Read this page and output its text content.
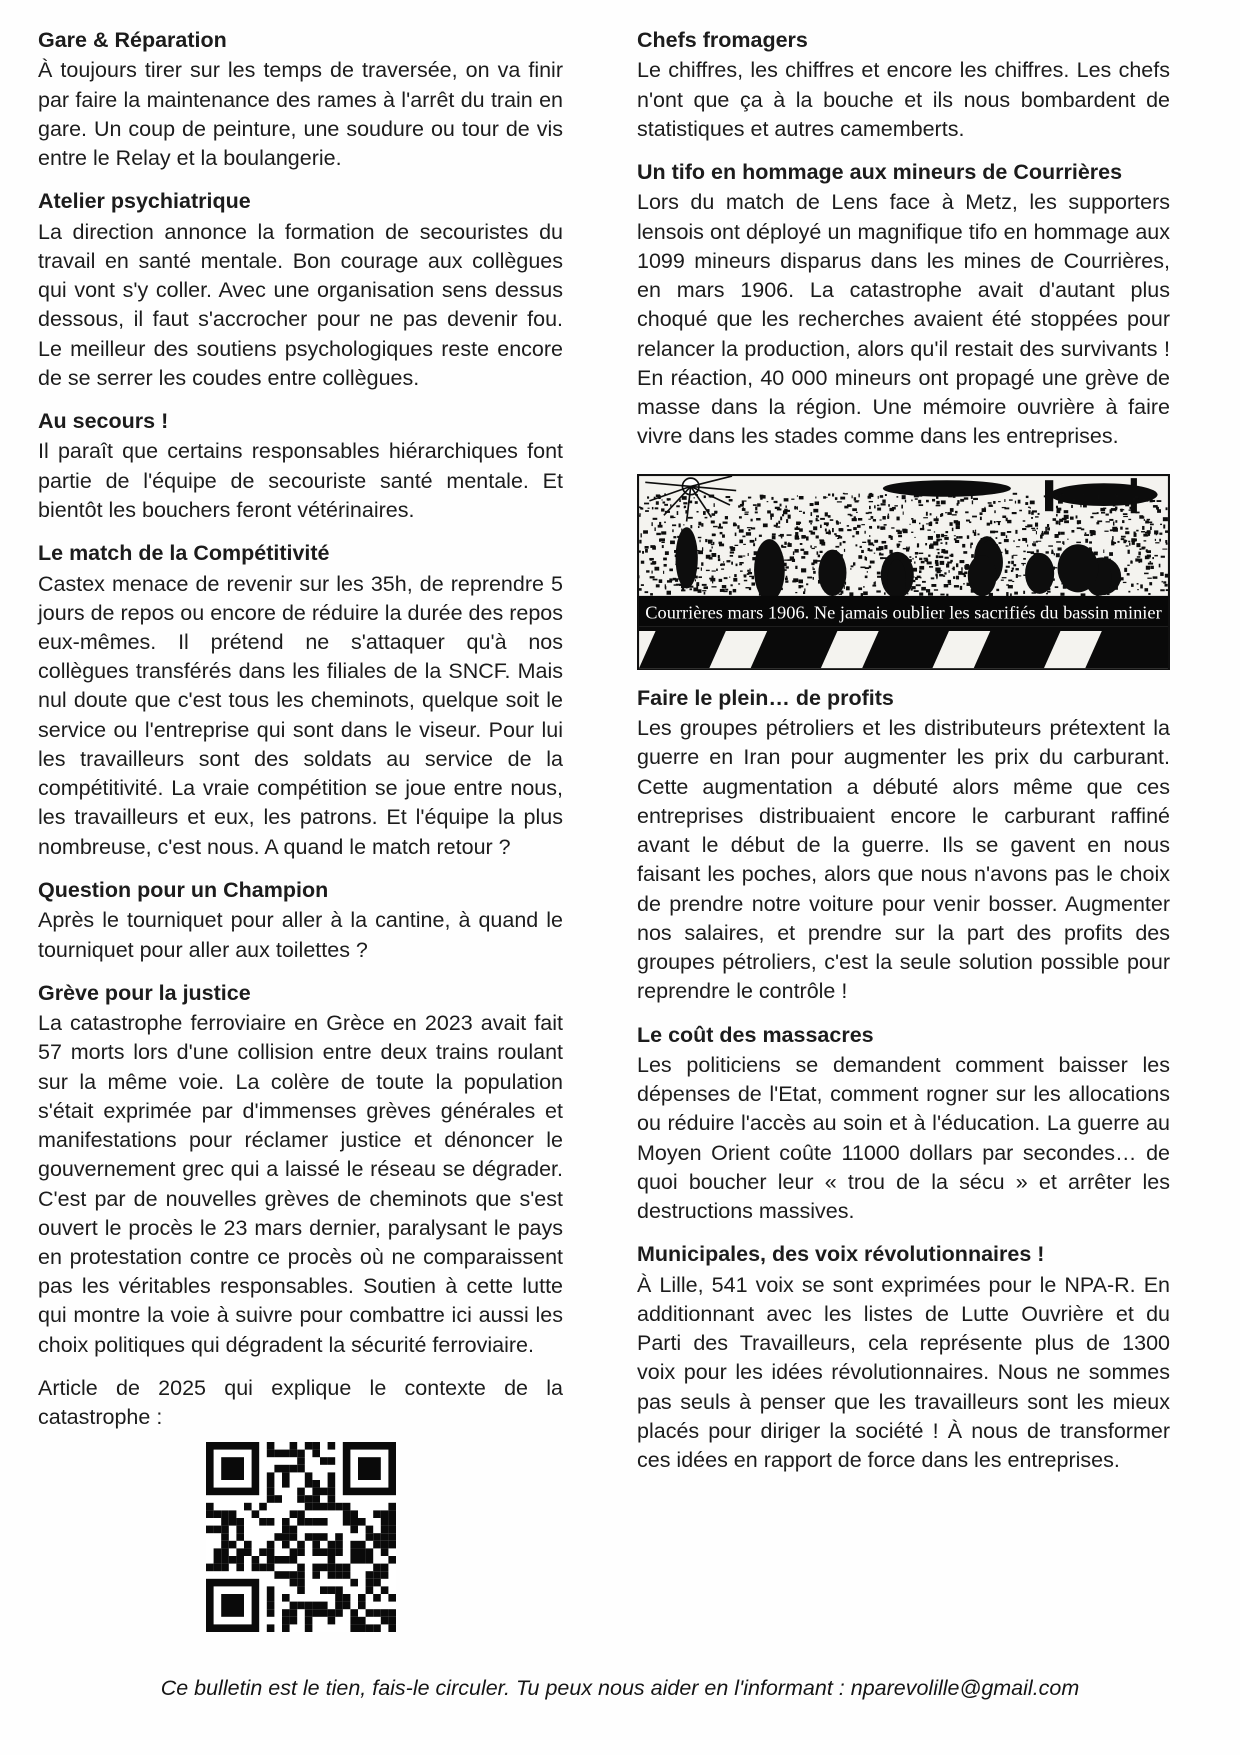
Gare & Réparation

À toujours tirer sur les temps de traversée, on va finir par faire la maintenance des rames à l'arrêt du train en gare. Un coup de peinture, une soudure ou tour de vis entre le Relay et la boulangerie.

Atelier psychiatrique

La direction annonce la formation de secouristes du travail en santé mentale. Bon courage aux collègues qui vont s'y coller. Avec une organisation sens dessus dessous, il faut s'accrocher pour ne pas devenir fou. Le meilleur des soutiens psychologiques reste encore de se serrer les coudes entre collègues.

Au secours !

Il paraît que certains responsables hiérarchiques font partie de l'équipe de secouriste santé mentale. Et bientôt les bouchers feront vétérinaires.

Le match de la Compétitivité

Castex menace de revenir sur les 35h, de reprendre 5 jours de repos ou encore de réduire la durée des repos eux-mêmes. Il prétend ne s'attaquer qu'à nos collègues transférés dans les filiales de la SNCF. Mais nul doute que c'est tous les cheminots, quelque soit le service ou l'entreprise qui sont dans le viseur. Pour lui les travailleurs sont des soldats au service de la compétitivité. La vraie compétition se joue entre nous, les travailleurs et eux, les patrons. Et l'équipe la plus nombreuse, c'est nous. A quand le match retour ?

Question pour un Champion

Après le tourniquet pour aller à la cantine, à quand le tourniquet pour aller aux toilettes ?

Grève pour la justice

La catastrophe ferroviaire en Grèce en 2023 avait fait 57 morts lors d'une collision entre deux trains roulant sur la même voie. La colère de toute la population s'était exprimée par d'immenses grèves générales et manifestations pour réclamer justice et dénoncer le gouvernement grec qui a laissé le réseau se dégrader. C'est par de nouvelles grèves de cheminots que s'est ouvert le procès le 23 mars dernier, paralysant le pays en protestation contre ce procès où ne comparaissent pas les véritables responsables. Soutien à cette lutte qui montre la voie à suivre pour combattre ici aussi les choix politiques qui dégradent la sécurité ferroviaire.

Article de 2025 qui explique le contexte de la catastrophe :

Chefs fromagers

Le chiffres, les chiffres et encore les chiffres. Les chefs n'ont que ça à la bouche et ils nous bombardent de statistiques et autres camemberts.

Un tifo en hommage aux mineurs de Courrières

Lors du match de Lens face à Metz, les supporters lensois ont déployé un magnifique tifo en hommage aux 1099 mineurs disparus dans les mines de Courrières, en mars 1906. La catastrophe avait d'autant plus choqué que les recherches avaient été stoppées pour relancer la production, alors qu'il restait des survivants ! En réaction, 40 000 mineurs ont propagé une grève de masse dans la région. Une mémoire ouvrière à faire vivre dans les stades comme dans les entreprises.

Courrières mars 1906. Ne jamais oublier les sacrifiés du bassin minier
Faire le plein… de profits

Les groupes pétroliers et les distributeurs prétextent la guerre en Iran pour augmenter les prix du carburant. Cette augmentation a débuté alors même que ces entreprises distribuaient encore le carburant raffiné avant le début de la guerre. Ils se gavent en nous faisant les poches, alors que nous n'avons pas le choix de prendre notre voiture pour venir bosser. Augmenter nos salaires, et prendre sur la part des profits des groupes pétroliers, c'est la seule solution possible pour reprendre le contrôle !

Le coût des massacres

Les politiciens se demandent comment baisser les dépenses de l'Etat, comment rogner sur les allocations ou réduire l'accès au soin et à l'éducation. La guerre au Moyen Orient coûte 11000 dollars par secondes… de quoi boucher leur « trou de la sécu » et arrêter les destructions massives.

Municipales, des voix révolutionnaires !

À Lille, 541 voix se sont exprimées pour le NPA-R. En additionnant avec les listes de Lutte Ouvrière et du Parti des Travailleurs, cela représente plus de 1300 voix pour les idées révolutionnaires. Nous ne sommes pas seuls à penser que les travailleurs sont les mieux placés pour diriger la société ! À nous de transformer ces idées en rapport de force dans les entreprises.

Ce bulletin est le tien, fais-le circuler. Tu peux nous aider en l'informant : nparevolille@gmail.com
